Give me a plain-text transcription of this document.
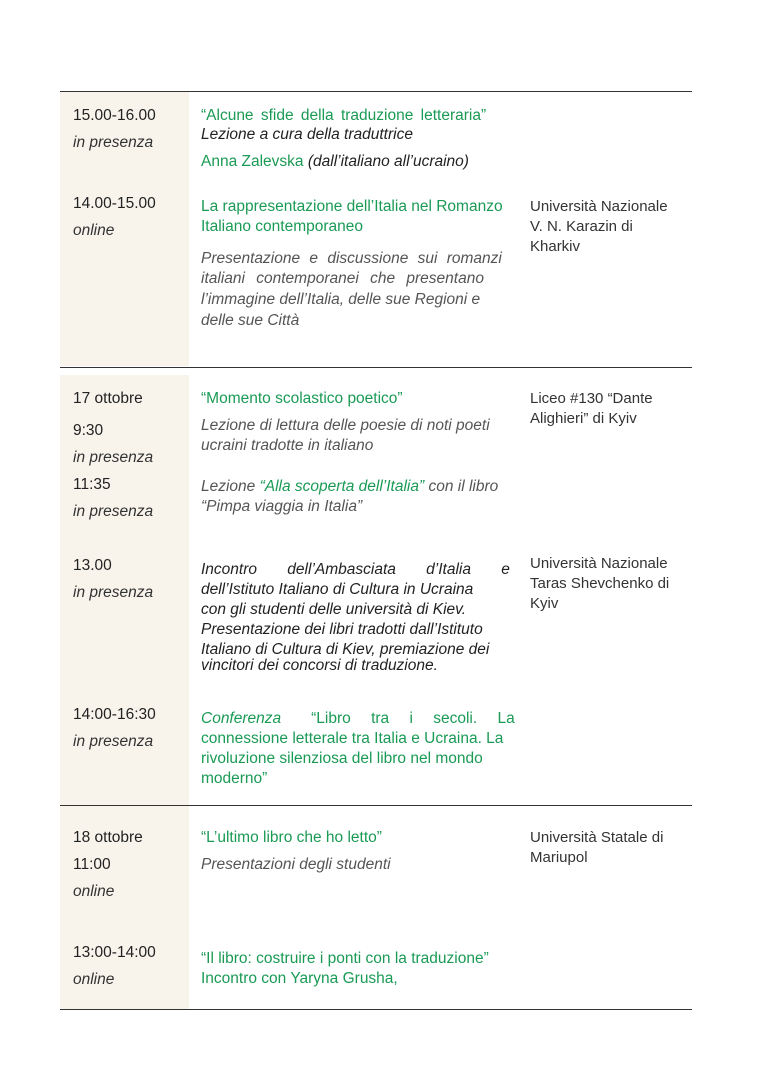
15.00-16.00
in presenza
“Alcune sfide della traduzione letteraria”
Lezione a cura della traduttrice
Anna Zalevska (dall’italiano all’ucraino)
14.00-15.00
online
La rappresentazione dell’Italia nel Romanzo
Italiano contemporaneo
Presentazione e discussione sui romanzi
italiani contemporanei che presentano
l’immagine dell’Italia, delle sue Regioni e
delle sue Città
Università Nazionale
V. N. Karazin di
Kharkiv
17 ottobre
9:30
in presenza
11:35
in presenza
“Momento scolastico poetico”
Lezione di lettura delle poesie di noti poeti
ucraini tradotte in italiano
Lezione “Alla scoperta dell’Italia” con il libro
“Pimpa viaggia in Italia”
Liceo #130 “Dante
Alighieri” di Kyiv
13.00
in presenza
Incontro dell’Ambasciata d’Italia e
dell’Istituto Italiano di Cultura in Ucraina
con gli studenti delle università di Kiev.
Presentazione dei libri tradotti dall’Istituto
Italiano di Cultura di Kiev, premiazione dei
vincitori dei concorsi di traduzione.
Università Nazionale
Taras Shevchenko di
Kyiv
14:00-16:30
in presenza
Conferenza “Libro tra i secoli. La
connessione letterale tra Italia e Ucraina. La
rivoluzione silenziosa del libro nel mondo
moderno”
18 ottobre
11:00
online
“L’ultimo libro che ho letto”
Presentazioni degli studenti
Università Statale di
Mariupol
13:00-14:00
online
“Il libro: costruire i ponti con la traduzione”
Incontro con Yaryna Grusha,
